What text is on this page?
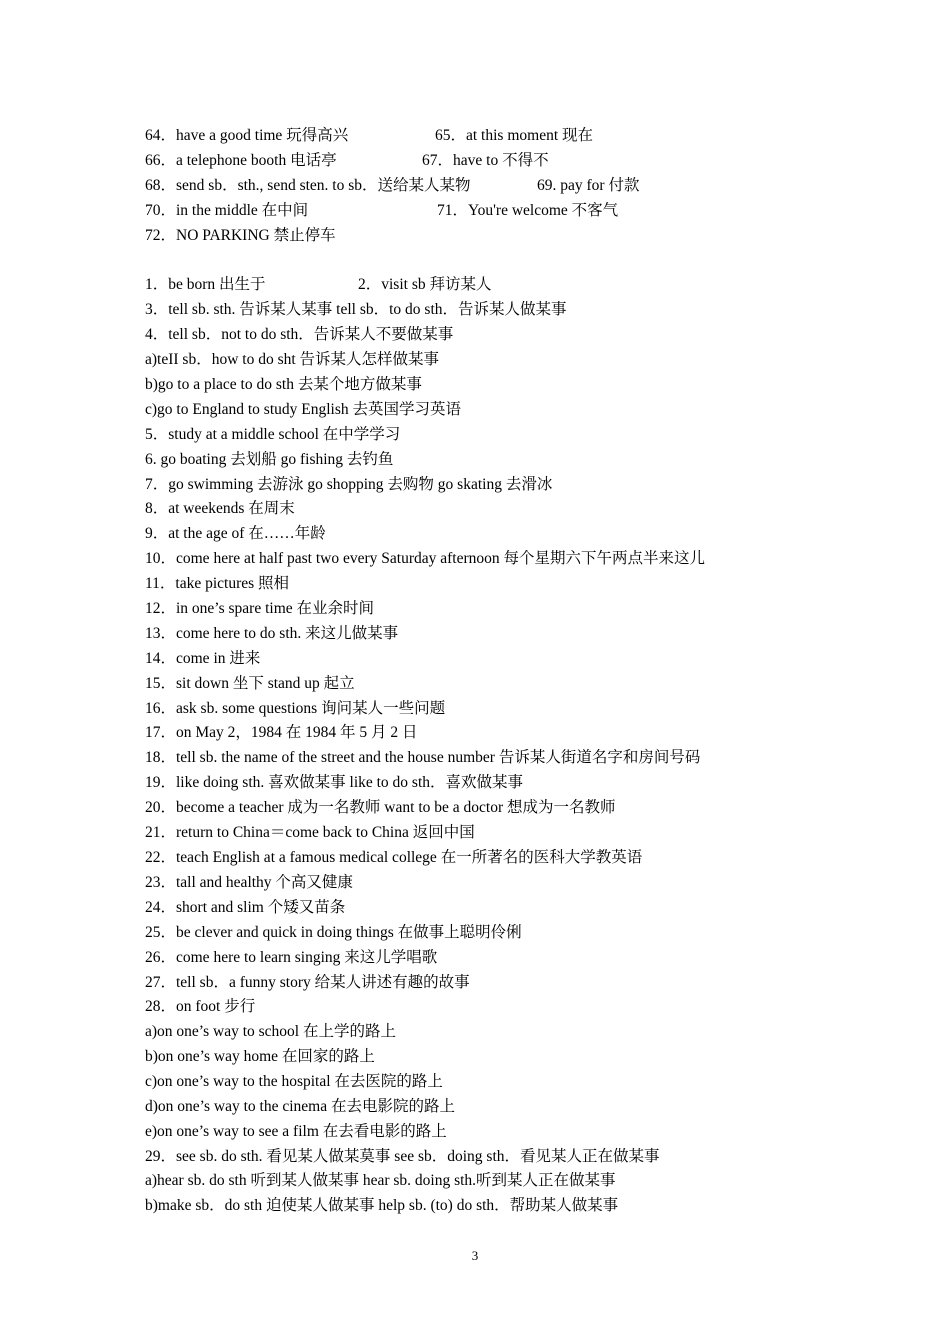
64．have a good time 玩得高兴	65．at this moment 现在
66．a telephone booth 电话亭	67．have to 不得不
68．send sb．sth., send sten. to sb．送给某人某物	69. pay for 付款
70．in the middle 在中间	71．You're welcome 不客气
72．NO PARKING 禁止停车
1．be born 出生于	2．visit sb 拜访某人
3．tell sb. sth. 告诉某人某事 tell sb．to do sth．告诉某人做某事
4．tell sb．not to do sth．告诉某人不要做某事
a)teII sb．how to do sht 告诉某人怎样做某事
b)go to a place to do sth 去某个地方做某事
c)go to England to study English 去英国学习英语
5．study at a middle school 在中学学习
6. go boating 去划船 go fishing 去钓鱼
7．go swimming 去游泳 go shopping 去购物 go skating 去滑冰
8．at weekends 在周末
9．at the age of 在……年龄
10．come here at half past two every Saturday afternoon 每个星期六下午两点半来这儿
11．take pictures 照相
12．in one’s spare time 在业余时间
13．come here to do sth. 来这儿做某事
14．come in 进来
15．sit down 坐下 stand up 起立
16．ask sb. some questions 询问某人一些问题
17．on May 2，1984 在 1984 年 5 月 2 日
18．tell sb. the name of the street and the house number 告诉某人街道名字和房间号码
19．like doing sth. 喜欢做某事 like to do sth．喜欢做某事
20．become a teacher 成为一名教师 want to be a doctor 想成为一名教师
21．return to China＝come back to China 返回中国
22．teach English at a famous medical college 在一所著名的医科大学教英语
23．tall and healthy 个高又健康
24．short and slim 个矮又苗条
25．be clever and quick in doing things 在做事上聪明伶俐
26．come here to learn singing 来这儿学唱歌
27．tell sb．a funny story 给某人讲述有趣的故事
28．on foot 步行
a)on one’s way to school 在上学的路上
b)on one’s way home 在回家的路上
c)on one’s way to the hospital 在去医院的路上
d)on one’s way to the cinema 在去电影院的路上
e)on one’s way to see a film 在去看电影的路上
29．see sb. do sth. 看见某人做某莫事 see sb．doing sth．看见某人正在做某事
a)hear sb. do sth 听到某人做某事 hear sb. doing sth.听到某人正在做某事
b)make sb．do sth 迫使某人做某事 help sb. (to) do sth．帮助某人做某事
3
